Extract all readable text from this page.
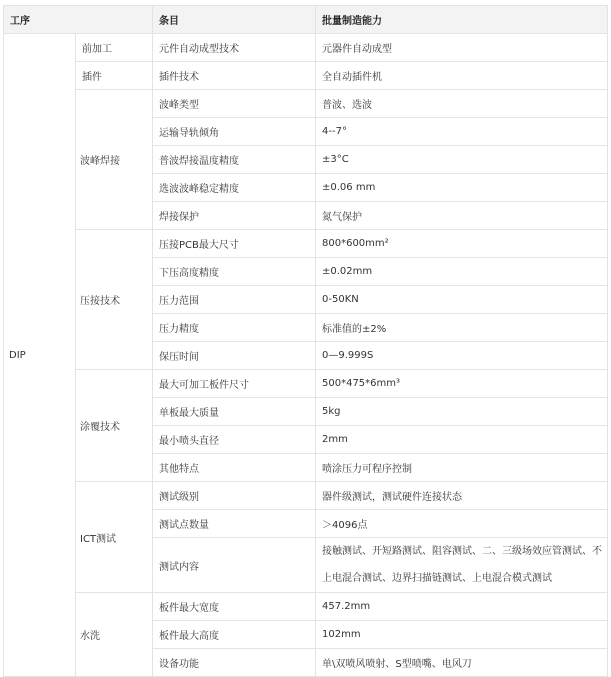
工序		条目	批量制造能力
DIP	前加工	元件自动成型技术	元器件自动成型
	插件	插件技术	全自动插件机
	波峰焊接	波峰类型	普波、选波
		运输导轨倾角	4--7°
		普波焊接温度精度	±3°C
		选波波峰稳定精度	±0.06 mm
		焊接保护	氮气保护
	压接技术	压接PCB最大尺寸	800*600mm²
		下压高度精度	±0.02mm
		压力范围	0-50KN
		压力精度	标准值的±2%
		保压时间	0—9.999S
	涂覆技术	最大可加工板件尺寸	500*475*6mm³
		单板最大质量	5kg
		最小喷头直径	2mm
		其他特点	喷涂压力可程序控制
	ICT测试	测试级别	器件级测试，测试硬件连接状态
		测试点数量	＞4096点
		测试内容	接触测试、开短路测试、阻容测试、二、三级场效应管测试、不上电混合测试、边界扫描链测试、上电混合模式测试
	水洗	板件最大宽度	457.2mm
		板件最大高度	102mm
		设备功能	单\双喷风喷射、S型喷嘴、电风刀
